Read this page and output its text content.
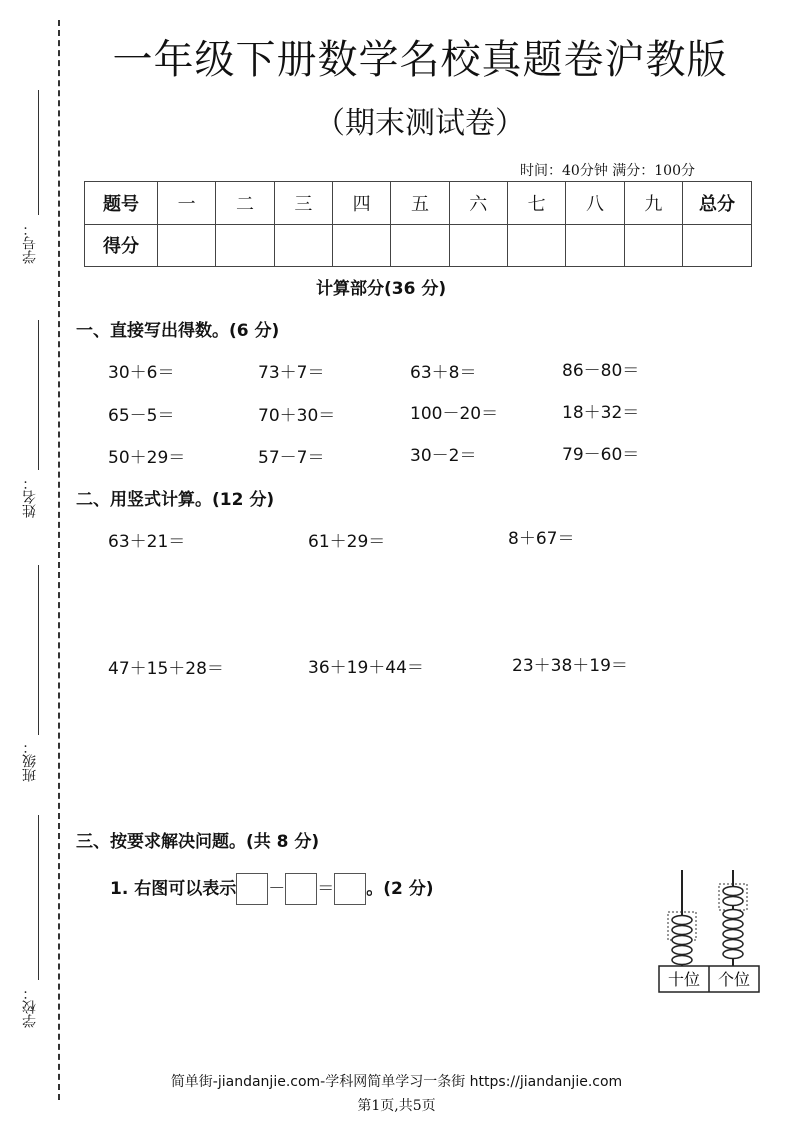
学号：
姓名：
班级：
学校：
一年级下册数学名校真题卷沪教版
（期末测试卷）
时间：40分钟 满分：100分
题号	一	二	三	四	五	六	七	八	九	总分
得分										
计算部分(36 分)
一、直接写出得数。(6 分)
30＋6＝	73＋7＝	63＋8＝	86－80＝
65－5＝	70＋30＝	100－20＝	18＋32＝
50＋29＝	57－7＝	30－2＝	79－60＝
二、用竖式计算。(12 分)
63＋21＝	61＋29＝	8＋67＝
47＋15＋28＝	36＋19＋44＝	23＋38＋19＝
三、按要求解决问题。(共 8 分)
1. 右图可以表示 － ＝ 。(2 分)
十位 个位
简单街-jiandanjie.com-学科网简单学习一条街 https://jiandanjie.com
第1页,共5页
